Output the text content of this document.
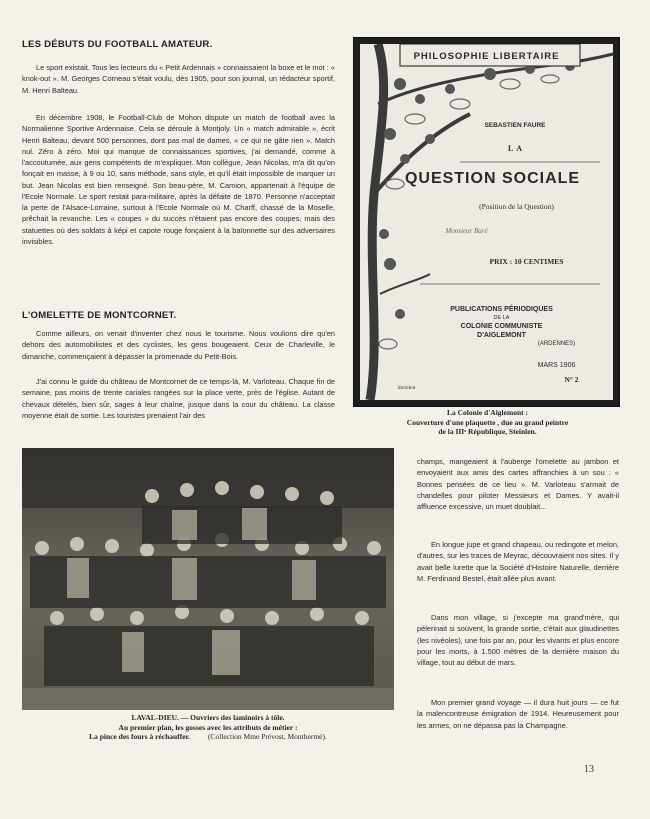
LES DÉBUTS DU FOOTBALL AMATEUR.

Le sport existait. Tous les lecteurs du « Petit Ardennais » connaissaient la boxe et le mot : « knok-out ». M. Georges Corneau s'était voulu, dès 1905, pour son journal, un rédacteur sportif, M. Henri Balteau.

En décembre 1908, le Football-Club de Mohon dispute un match de football avec la Normalienne Sportive Ardennaise. Cela se déroule à Montjoly. Un « match admirable », écrit Henri Balteau, devant 500 personnes, dont pas mal de dames, « ce qui ne gâte rien ». Match nul. Zéro à zéro. Moi qui manque de connaissances sportives, j'ai demandé, comme à l'accoutumée, aux gens compétents de m'expliquer. Mon collègue, Jean Nicolas, m'a dit qu'on fonçait en masse, à 9 ou 10, sans méthode, sans style, et qu'il était impossible de marquer un but. Jean Nicolas est bien renseigné. Son beau-père, M. Camion, appartenait à l'équipe de l'Ecole Normale. Le sport restait para-militaire, après la défaite de 1870. Personne n'acceptait la perte de l'Alsace-Lorraine, surtout à l'Ecole Normale où M. Charff, chassé de la Moselle, prêchait la revanche. Les « coupes » du succès n'étaient pas encore des coupes, mais des statuettes où des soldats à képi et capote rouge fonçaient à la baïonnette sur des adversaires invisibles.

L'OMELETTE DE MONTCORNET.

Comme ailleurs, on venait d'inventer chez nous le tourisme. Nous voulions dire qu'en dehors des automobilistes et des cyclistes, les gens bougeaient. Ceux de Charleville, le dimanche, commençaient à dépasser la promenade du Petit-Bois.

J'ai connu le guide du château de Montcornet de ce temps-là, M. Varloteau. Chaque fin de semaine, pas moins de trente cariales rangées sur la place verte, près de l'église. Autant de chevaux dételés, bien sûr, sages à leur chaîne, jusque dans la cour du château. La classe moyenne était de sortie. Les touristes prenaient l'air des

champs, mangeaient à l'auberge l'omelette au jambon et envoyaient aux amis des cartes affranchies à un sou : « Bonnes pensées de ce lieu ». M. Varloteau s'armait de chandelles pour piloter Messieurs et Dames. Y avait-il affluence excessive, un muet doublait...

En longue jupe et grand chapeau, ou redingote et melon, d'autres, sur les traces de Meyrac, découvraient nos sites. Il y avait belle lurette que la Société d'Histoire Naturelle, derrière M. Ferdinand Bestel, était allée plus avant.

Dans mon village, si j'excepte ma grand'mère, qui pèlerinait si souvent, la grande sortie, c'était aux glaudinettes (les nivéoles), une fois par an, pour les vivants et plus encore pour les morts, à 1.500 mètres de la dernière maison du village, tout au début de mars.

Mon premier grand voyage — il dura huit jours — ce fut la malencontreuse émigration de 1914. Heureusement pour les armes, on ne dépassa pas la Champagne.

PHILOSOPHIE LIBERTAIRE
SEBASTIEN FAURE
LA
QUESTION SOCIALE
(Position de la Question)
Monsieur Baré
PRIX : 10 CENTIMES
PUBLICATIONS PÉRIODIQUES
DE LA
COLONIE COMMUNISTE
D'AIGLEMONT
(ARDENNES)
MARS 1906
N° 2
Steinlen
La Colonie d'Aiglemont :
Couverture d'une plaquette , due au grand peintre
de la IIIᵉ République, Steinlen.
LAVAL-DIEU. — Ouvriers des laminoirs à tôle.
Au premier plan, les gosses avec les attributs de métier :
La pince des fours à réchauffer. (Collection Mme Prévost, Monthermé).
13
